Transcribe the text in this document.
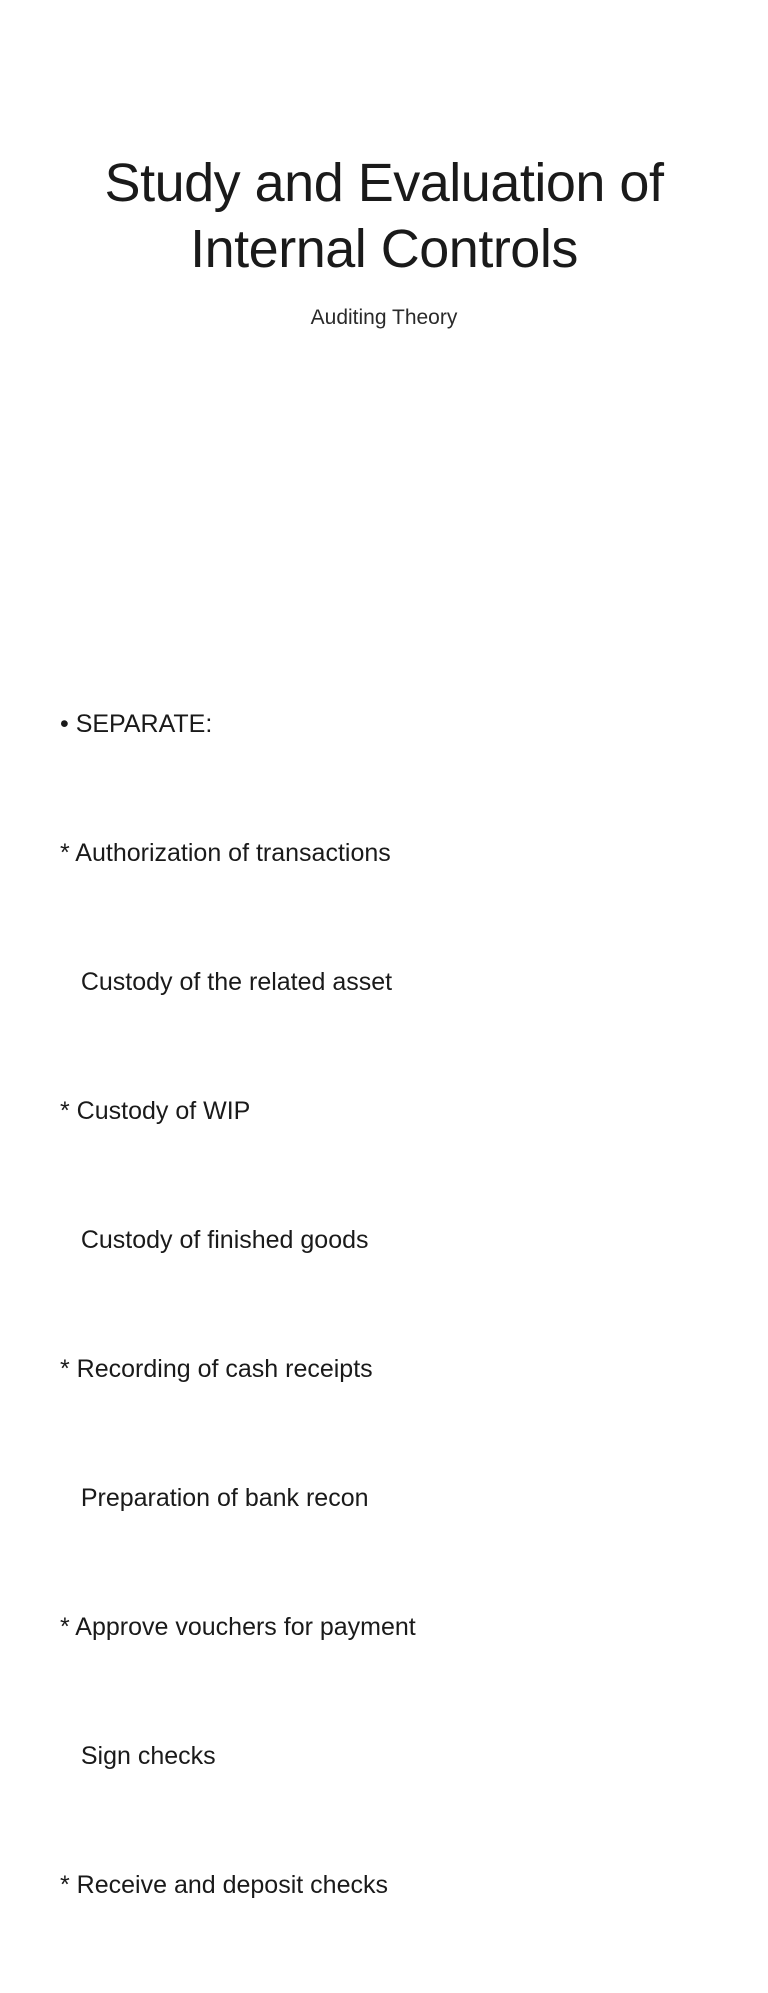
Study and Evaluation of
Internal Controls
Auditing Theory

• SEPARATE:

* Authorization of transactions

Custody of the related asset

* Custody of WIP

Custody of finished goods

* Recording of cash receipts

Preparation of bank recon

* Approve vouchers for payment

Sign checks

* Receive and deposit checks
